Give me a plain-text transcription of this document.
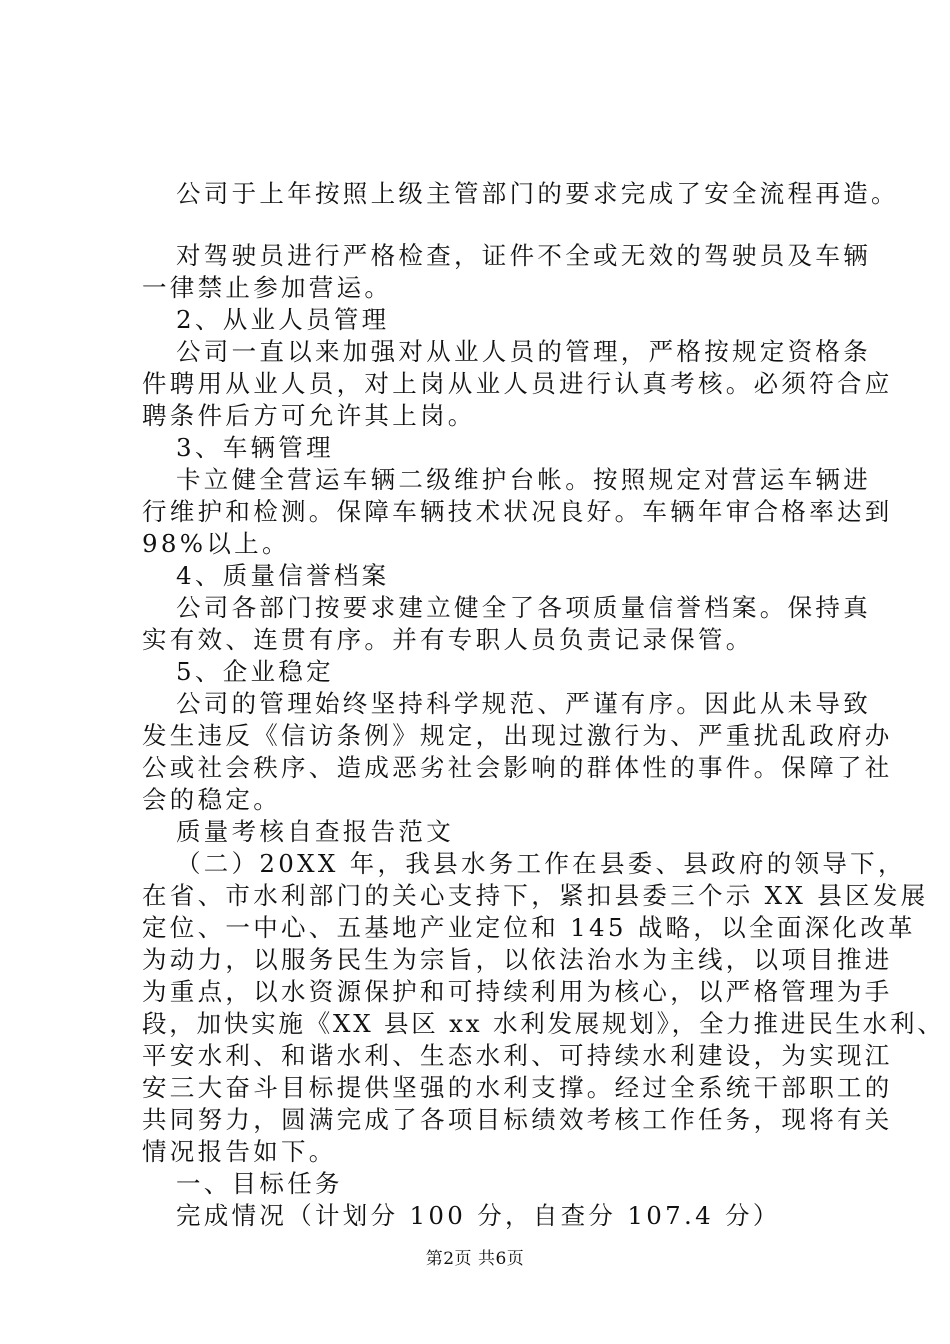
公司于上年按照上级主管部门的要求完成了安全流程再造。
对驾驶员进行严格检查，证件不全或无效的驾驶员及车辆
一律禁止参加营运。
2、从业人员管理
公司一直以来加强对从业人员的管理，严格按规定资格条
件聘用从业人员，对上岗从业人员进行认真考核。必须符合应
聘条件后方可允许其上岗。
3、车辆管理
卡立健全营运车辆二级维护台帐。按照规定对营运车辆进
行维护和检测。保障车辆技术状况良好。车辆年审合格率达到
98%以上。
4、质量信誉档案
公司各部门按要求建立健全了各项质量信誉档案。保持真
实有效、连贯有序。并有专职人员负责记录保管。
5、企业稳定
公司的管理始终坚持科学规范、严谨有序。因此从未导致
发生违反《信访条例》规定，出现过激行为、严重扰乱政府办
公或社会秩序、造成恶劣社会影响的群体性的事件。保障了社
会的稳定。
质量考核自查报告范文
（二）20XX 年，我县水务工作在县委、县政府的领导下，
在省、市水利部门的关心支持下，紧扣县委三个示 XX 县区发展
定位、一中心、五基地产业定位和 145 战略，以全面深化改革
为动力，以服务民生为宗旨，以依法治水为主线，以项目推进
为重点，以水资源保护和可持续利用为核心，以严格管理为手
段，加快实施《XX 县区 xx 水利发展规划》，全力推进民生水利、
平安水利、和谐水利、生态水利、可持续水利建设，为实现江
安三大奋斗目标提供坚强的水利支撑。经过全系统干部职工的
共同努力，圆满完成了各项目标绩效考核工作任务，现将有关
情况报告如下。
一、目标任务
完成情况（计划分 100 分，自查分 107.4 分）
第2页 共6页
